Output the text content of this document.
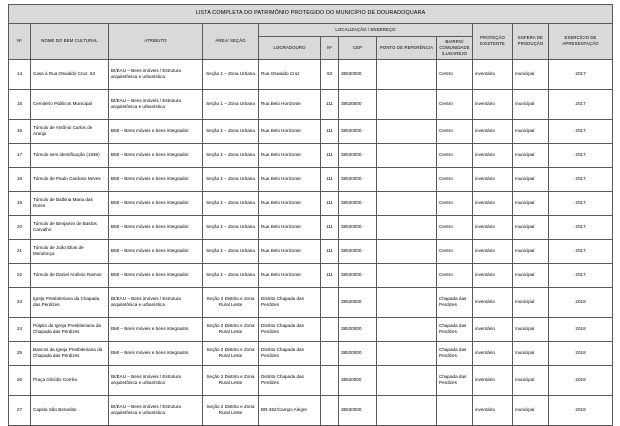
LISTA COMPLETA DO PATRIMÔNIO PROTEGIDO DO MUNICÍPIO DE DOURADOQUARA											
Nº	NOME DO BEM CULTURAL	ATRIBUTO	ÁREA/ SEÇÃO	LOCALIZAÇÃO / ENDEREÇO					PROTEÇÃO EXISTENTE	ESFERA DE PRODUÇÃO	EXERCÍCIO DE APRESENTAÇÃO
				LOGRADOURO	Nº	CEP	PONTO DE REFERÊNCIA	BAIRRO/ COMUNIDADE /LUGAREJO			
14	Casa á Rua Oswaldo Cruz, 63	BI/EAU – Bens imóveis / Estrutura arquitetônica e urbanística	Seção 1 – Zona Urbana	Rua Oswaldo Cruz	63	38530000		Centro	inventário	municipal	2017
15	Cemitério Públicos Municipal	BI/EAU – Bens imóveis / Estrutura arquitetônica e urbanística	Seção 1 – Zona Urbana	Rua Belo Horizonte	111	38530000		Centro	inventário	municipal	2017
16	Túmulo de Antônio Carlos de Araújo	BMI – Bens móveis e bens integrados	Seção 1 – Zona Urbana	Rua Belo Horizonte	111	38530000		Centro	inventário	municipal	2017
17	Túmulo sem identificação (1936)	BMI – Bens móveis e bens integrados	Seção 1 – Zona Urbana	Rua Belo Horizonte	111	38530000		Centro	inventário	municipal	2017
18	Túmulo de Paulo Cardoso Neves	BMI – Bens móveis e bens integrados	Seção 1 – Zona Urbana	Rua Belo Horizonte	111	38530000		Centro	inventário	municipal	2017
19	Túmulo de Balbina Maria das Dores	BMI – Bens móveis e bens integrados	Seção 1 – Zona Urbana	Rua Belo Horizonte	111	38530000		Centro	inventário	municipal	2017
20	Túmulo de Benjamin de Bastos Carvalho	BMI – Bens móveis e bens integrados	Seção 1 – Zona Urbana	Rua Belo Horizonte	111	38530000		Centro	inventário	municipal	2017
21	Túmulo de João Elias de Mendonça	BMI – Bens móveis e bens integrados	Seção 1 – Zona Urbana	Rua Belo Horizonte	111	38530000		Centro	inventário	municipal	2017
22	Túmulo de Daniel Antônio Ramos	BMI – Bens móveis e bens integrados	Seção 1 – Zona Urbana	Rua Belo Horizonte	111	38530000		Centro	inventário	municipal	2017
23	Igreja Presbiteriana da Chapada das Perdizes	BI/EAU – Bens imóveis / Estrutura arquitetônica e urbanística	Seção 2 Distrito e Zona Rural Leste	Distrito Chapada das Perdizes		38530000		Chapada das Perdizes	inventário	municipal	2018
24	Púlpito da Igreja Presbiteriana da Chapada das Perdizes	BMI – Bens móveis e bens integrados	Seção 2 Distrito e Zona Rural Leste	Distrito Chapada das Perdizes		38530000		Chapada das Perdizes	inventário	municipal	2018
25	Bancos da Igreja Presbiteriana da Chapada das Perdizes	BMI – Bens móveis e bens integrados	Seção 2 Distrito e Zona Rural Leste	Distrito Chapada das Perdizes		38530000		Chapada das Perdizes	inventário	municipal	2018
26	Praça Glicídio Corrêa	BI/EAU – Bens imóveis / Estrutura arquitetônica e urbanística	Seção 2 Distrito e Zona Rural Leste	Distrito Chapada das Perdizes		38530000		Chapada das Perdizes	inventário	municipal	2018
27	Capela São Benedito	BI/EAU – Bens imóveis / Estrutura arquitetônica e urbanística	Seção 2 Distrito e Zona Rural Leste	BR-352/Campo Alegre		38530000			inventário	municipal	2018
